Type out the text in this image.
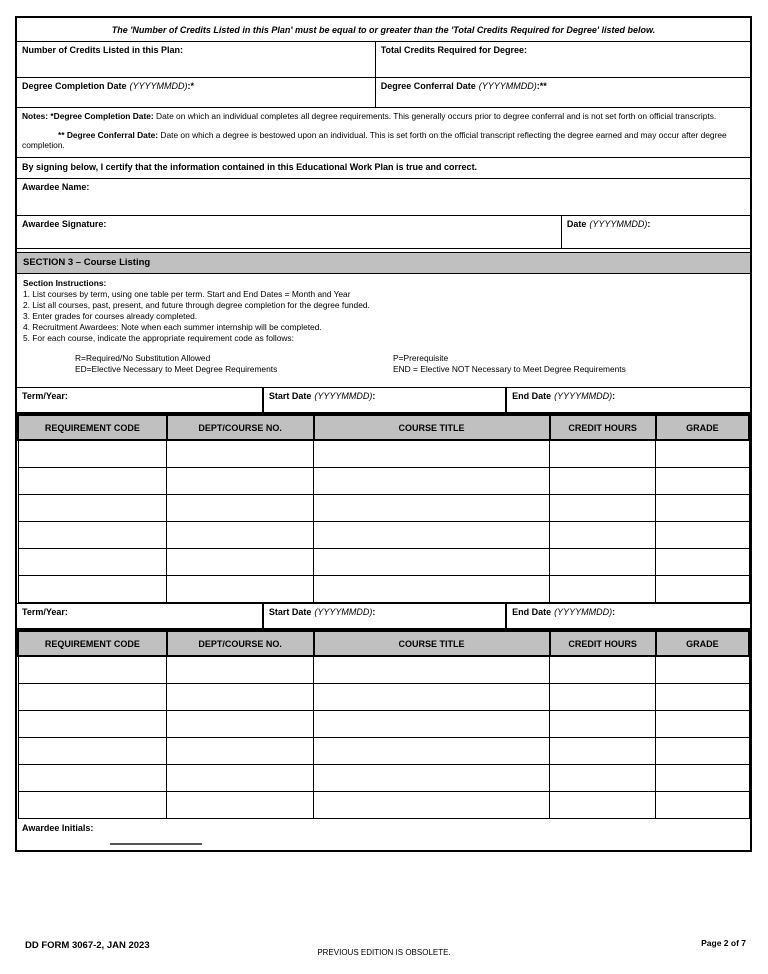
The 'Number of Credits Listed in this Plan' must be equal to or greater than the 'Total Credits Required for Degree' listed below.
Number of Credits Listed in this Plan:	Total Credits Required for Degree:
Degree Completion Date (YYYYMMDD):*	Degree Conferral Date (YYYYMMDD):**
Notes: *Degree Completion Date: Date on which an individual completes all degree requirements. This generally occurs prior to degree conferral and is not set forth on official transcripts.
** Degree Conferral Date: Date on which a degree is bestowed upon an individual. This is set forth on the official transcript reflecting the degree earned and may occur after degree completion.
By signing below, I certify that the information contained in this Educational Work Plan is true and correct.
Awardee Name:
Awardee Signature:	Date (YYYYMMDD):
SECTION 3 – Course Listing
Section Instructions:
1. List courses by term, using one table per term. Start and End Dates = Month and Year
2. List all courses, past, present, and future through degree completion for the degree funded.
3. Enter grades for courses already completed.
4. Recruitment Awardees: Note when each summer internship will be completed.
5. For each course, indicate the appropriate requirement code as follows:
R=Required/No Substitution Allowed
ED=Elective Necessary to Meet Degree Requirements
P=Prerequisite
END = Elective NOT Necessary to Meet Degree Requirements
Term/Year:	Start Date (YYYYMMDD):	End Date (YYYYMMDD):
REQUIREMENT CODE	DEPT/COURSE NO.	COURSE TITLE	CREDIT HOURS	GRADE

Term/Year:	Start Date (YYYYMMDD):	End Date (YYYYMMDD):
REQUIREMENT CODE	DEPT/COURSE NO.	COURSE TITLE	CREDIT HOURS	GRADE

Awardee Initials:
DD FORM 3067-2, JAN 2023
PREVIOUS EDITION IS OBSOLETE.
Page 2 of 7
